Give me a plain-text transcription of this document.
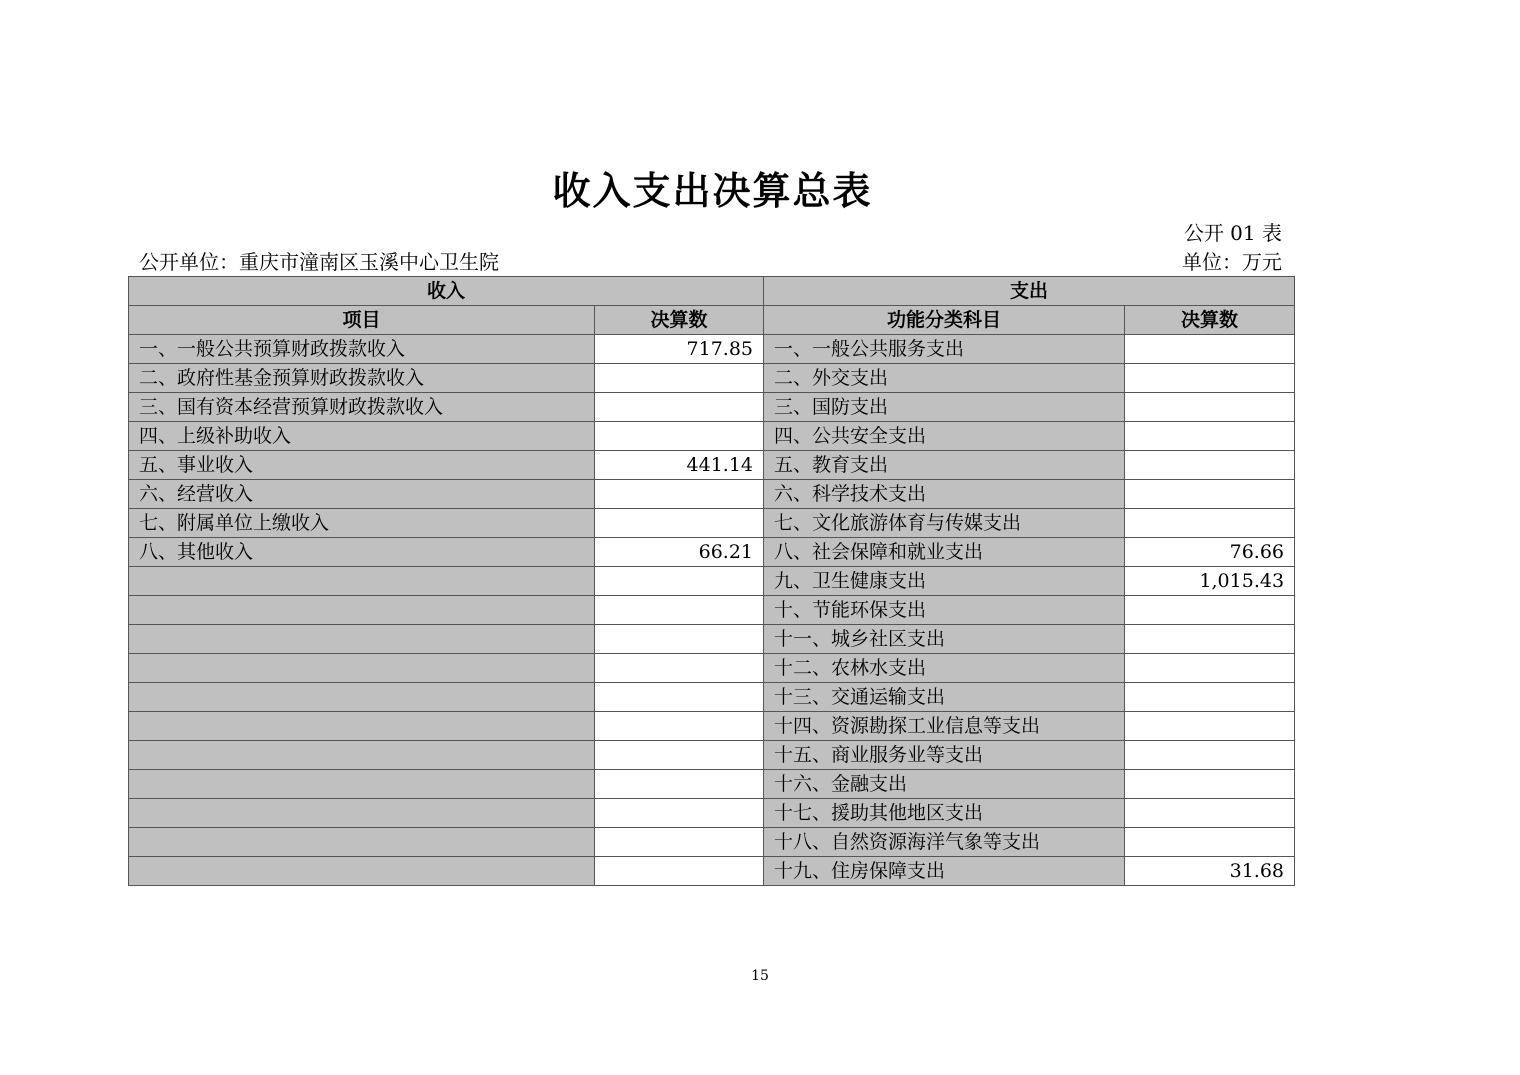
收入支出决算总表
公开 01 表
公开单位：重庆市潼南区玉溪中心卫生院	单位：万元
收入		支出	
项目	决算数	功能分类科目	决算数
一、一般公共预算财政拨款收入	717.85	一、一般公共服务支出	
二、政府性基金预算财政拨款收入		二、外交支出	
三、国有资本经营预算财政拨款收入		三、国防支出	
四、上级补助收入		四、公共安全支出	
五、事业收入	441.14	五、教育支出	
六、经营收入		六、科学技术支出	
七、附属单位上缴收入		七、文化旅游体育与传媒支出	
八、其他收入	66.21	八、社会保障和就业支出	76.66
		九、卫生健康支出	1,015.43
		十、节能环保支出	
		十一、城乡社区支出	
		十二、农林水支出	
		十三、交通运输支出	
		十四、资源勘探工业信息等支出	
		十五、商业服务业等支出	
		十六、金融支出	
		十七、援助其他地区支出	
		十八、自然资源海洋气象等支出	
		十九、住房保障支出	31.68
15
